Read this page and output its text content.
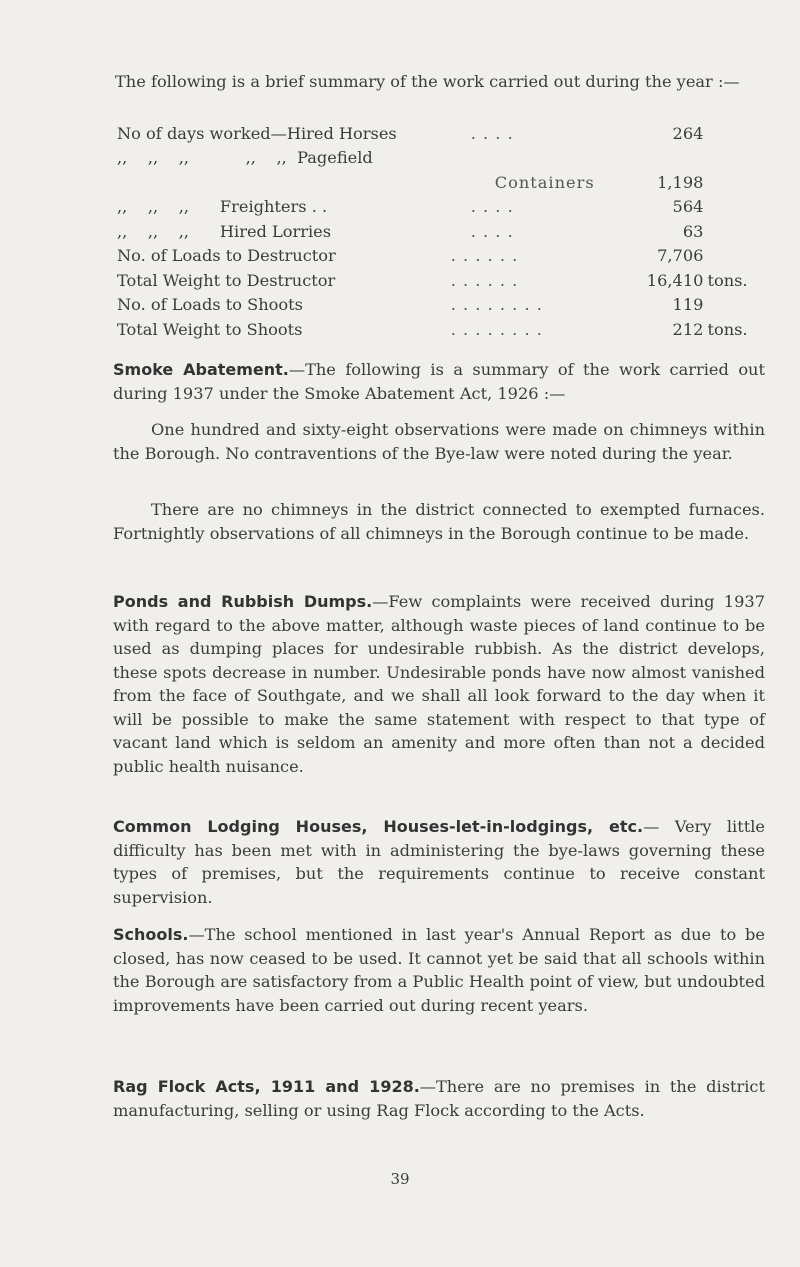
The following is a brief summary of the work carried out during the year :—

No of days worked—Hired Horses	. . . .	264	
,,    ,,    ,,           ,,    ,,  Pagefield			
	Containers	1,198	
,,    ,,    ,,      Freighters . .	. . . .	564	
,,    ,,    ,,      Hired Lorries	. . . .	63	
No. of Loads to Destructor	. . . . . .	7,706	
Total Weight to Destructor	. . . . . .	16,410	tons.
No. of Loads to Shoots	. . . . . . . .	119	
Total Weight to Shoots	. . . . . . . .	212	tons.

Smoke Abatement.—The following is a summary of the work carried out during 1937 under the Smoke Abatement Act, 1926 :—

One hundred and sixty-eight observations were made on chimneys within the Borough. No contraventions of the Bye-law were noted during the year.

There are no chimneys in the district connected to exempted furnaces. Fortnightly observations of all chimneys in the Borough continue to be made.

Ponds and Rubbish Dumps.—Few complaints were received during 1937 with regard to the above matter, although waste pieces of land continue to be used as dumping places for undesirable rubbish. As the district develops, these spots decrease in number. Undesirable ponds have now almost vanished from the face of Southgate, and we shall all look forward to the day when it will be possible to make the same statement with respect to that type of vacant land which is seldom an amenity and more often than not a decided public health nuisance.

Common Lodging Houses, Houses-let-in-lodgings, etc.— Very little difficulty has been met with in administering the bye-laws governing these types of premises, but the requirements continue to receive constant supervision.

Schools.—The school mentioned in last year's Annual Report as due to be closed, has now ceased to be used. It cannot yet be said that all schools within the Borough are satisfactory from a Public Health point of view, but undoubted improvements have been carried out during recent years.

Rag Flock Acts, 1911 and 1928.—There are no premises in the district manufacturing, selling or using Rag Flock according to the Acts.

39
